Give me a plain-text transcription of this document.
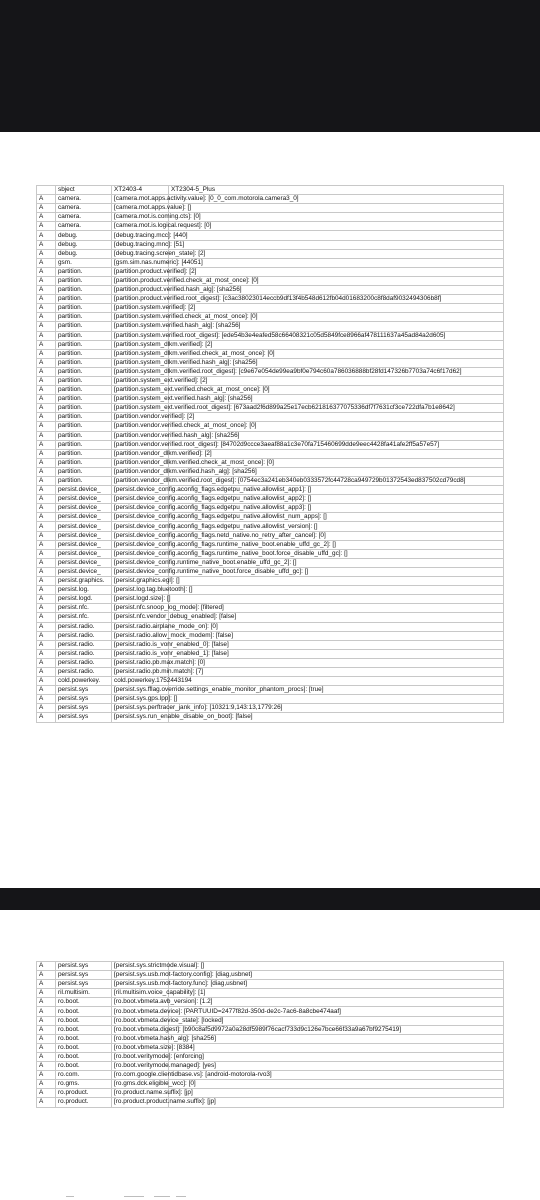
	sbject	XT2403-4	XT2304-5_Plus
A	camera.	[camera.mot.apps.activity.value]: [0_0_com.motorola.camera3_0]	
A	camera.	[camera.mot.apps.value]: []	
A	camera.	[camera.mot.is.coming.cts]: [0]	
A	camera.	[camera.mot.is.logical.request]: [0]	
A	debug.	[debug.tracing.mcc]: [440]	
A	debug.	[debug.tracing.mnc]: [51]	
A	debug.	[debug.tracing.screen_state]: [2]	
A	gsm.	[gsm.sim.nas.numeric]: [44051]	
A	partition.	[partition.product.verified]: [2]	
A	partition.	[partition.product.verified.check_at_most_once]: [0]	
A	partition.	[partition.product.verified.hash_alg]: [sha256]	
A	partition.	[partition.product.verified.root_digest]: [c3ac38023014eccb9df13f4b548d612fb04d01683200c8f8daf9032494306b8f]	
A	partition.	[partition.system.verified]: [2]	
A	partition.	[partition.system.verified.check_at_most_once]: [0]	
A	partition.	[partition.system.verified.hash_alg]: [sha256]	
A	partition.	[partition.system.verified.root_digest]: [ede54b3e4eafed58c66408321c05d5849fce8966af478111637a45ad84a2d605]	
A	partition.	[partition.system_dlkm.verified]: [2]	
A	partition.	[partition.system_dlkm.verified.check_at_most_once]: [0]	
A	partition.	[partition.system_dlkm.verified.hash_alg]: [sha256]	
A	partition.	[partition.system_dlkm.verified.root_digest]: [c9e67e054de99ea9bf0e794c60a786036888bf28fd147326b7703a74c6f17d62]	
A	partition.	[partition.system_ext.verified]: [2]	
A	partition.	[partition.system_ext.verified.check_at_most_once]: [0]	
A	partition.	[partition.system_ext.verified.hash_alg]: [sha256]	
A	partition.	[partition.system_ext.verified.root_digest]: [673aad2f6d899a25e17ecb621816377075336df7f7631cf3ce722dfa7b1e8642]	
A	partition.	[partition.vendor.verified]: [2]	
A	partition.	[partition.vendor.verified.check_at_most_once]: [0]	
A	partition.	[partition.vendor.verified.hash_alg]: [sha256]	
A	partition.	[partition.vendor.verified.root_digest]: [84702d9ccce3aeaf88a1c3e70fa715460699dde9eec4428fa41afe2ff5a57e57]	
A	partition.	[partition.vendor_dlkm.verified]: [2]	
A	partition.	[partition.vendor_dlkm.verified.check_at_most_once]: [0]	
A	partition.	[partition.vendor_dlkm.verified.hash_alg]: [sha256]	
A	partition.	[partition.vendor_dlkm.verified.root_digest]: [0754ec3a241eb340eb0333572fc44728ca949729b01372543ed837502cd79cd8]	
A	persist.device_	[persist.device_config.aconfig_flags.edgetpu_native.allowlist_app1]: []	
A	persist.device_	[persist.device_config.aconfig_flags.edgetpu_native.allowlist_app2]: []	
A	persist.device_	[persist.device_config.aconfig_flags.edgetpu_native.allowlist_app3]: []	
A	persist.device_	[persist.device_config.aconfig_flags.edgetpu_native.allowlist_num_apps]: []	
A	persist.device_	[persist.device_config.aconfig_flags.edgetpu_native.allowlist_version]: []	
A	persist.device_	[persist.device_config.aconfig_flags.netd_native.no_retry_after_cancel]: [0]	
A	persist.device_	[persist.device_config.aconfig_flags.runtime_native_boot.enable_uffd_gc_2]: []	
A	persist.device_	[persist.device_config.aconfig_flags.runtime_native_boot.force_disable_uffd_gc]: []	
A	persist.device_	[persist.device_config.runtime_native_boot.enable_uffd_gc_2]: []	
A	persist.device_	[persist.device_config.runtime_native_boot.force_disable_uffd_gc]: []	
A	persist.graphics.	[persist.graphics.egl]: []	
A	persist.log.	[persist.log.tag.bluetooth]: []	
A	persist.logd.	[persist.logd.size]: []	
A	persist.nfc.	[persist.nfc.snoop_log_mode]: [filtered]	
A	persist.nfc.	[persist.nfc.vendor_debug_enabled]: [false]	
A	persist.radio.	[persist.radio.airplane_mode_on]: [0]	
A	persist.radio.	[persist.radio.allow_mock_modem]: [false]	
A	persist.radio.	[persist.radio.is_vonr_enabled_0]: [false]	
A	persist.radio.	[persist.radio.is_vonr_enabled_1]: [false]	
A	persist.radio.	[persist.radio.pb.max.match]: [0]	
A	persist.radio.	[persist.radio.pb.min.match]: [7]	
A	cold.powerkey.	cold.powerkey.1752443194	
A	persist.sys	[persist.sys.fflag.override.settings_enable_monitor_phantom_procs]: [true]	
A	persist.sys	[persist.sys.gps.lpp]: []	
A	persist.sys	[persist.sys.perftracer_jank_info]: [10321:9,143:13,1779:26]	
A	persist.sys	[persist.sys.run_enable_disable_on_boot]: [false]	
A	persist.sys	[persist.sys.strictmode.visual]: []	
A	persist.sys	[persist.sys.usb.mot-factory.config]: [diag,usbnet]	
A	persist.sys	[persist.sys.usb.mot-factory.func]: [diag,usbnet]	
A	ril.multisim.	[ril.multisim.voice_capability]: [1]	
A	ro.boot.	[ro.boot.vbmeta.avb_version]: [1.2]	
A	ro.boot.	[ro.boot.vbmeta.device]: [PARTUUID=2477f82d-350d-de2c-7ac6-8a8cbe474aaf]	
A	ro.boot.	[ro.boot.vbmeta.device_state]: [locked]	
A	ro.boot.	[ro.boot.vbmeta.digest]: [b90c8af5d9972a0a28df5989f76cacf733d9c126e7bce66f33a9a67bf9275419]	
A	ro.boot.	[ro.boot.vbmeta.hash_alg]: [sha256]	
A	ro.boot.	[ro.boot.vbmeta.size]: [8384]	
A	ro.boot.	[ro.boot.veritymode]: [enforcing]	
A	ro.boot.	[ro.boot.veritymode.managed]: [yes]	
A	ro.com.	[ro.com.google.clientidbase.vs]: [android-motorola-rvo3]	
A	ro.gms.	[ro.gms.dck.eligible_wcc]: [0]	
A	ro.product.	[ro.product.name.suffix]: [jp]	
A	ro.product.	[ro.product.product.name.suffix]: [jp]	
